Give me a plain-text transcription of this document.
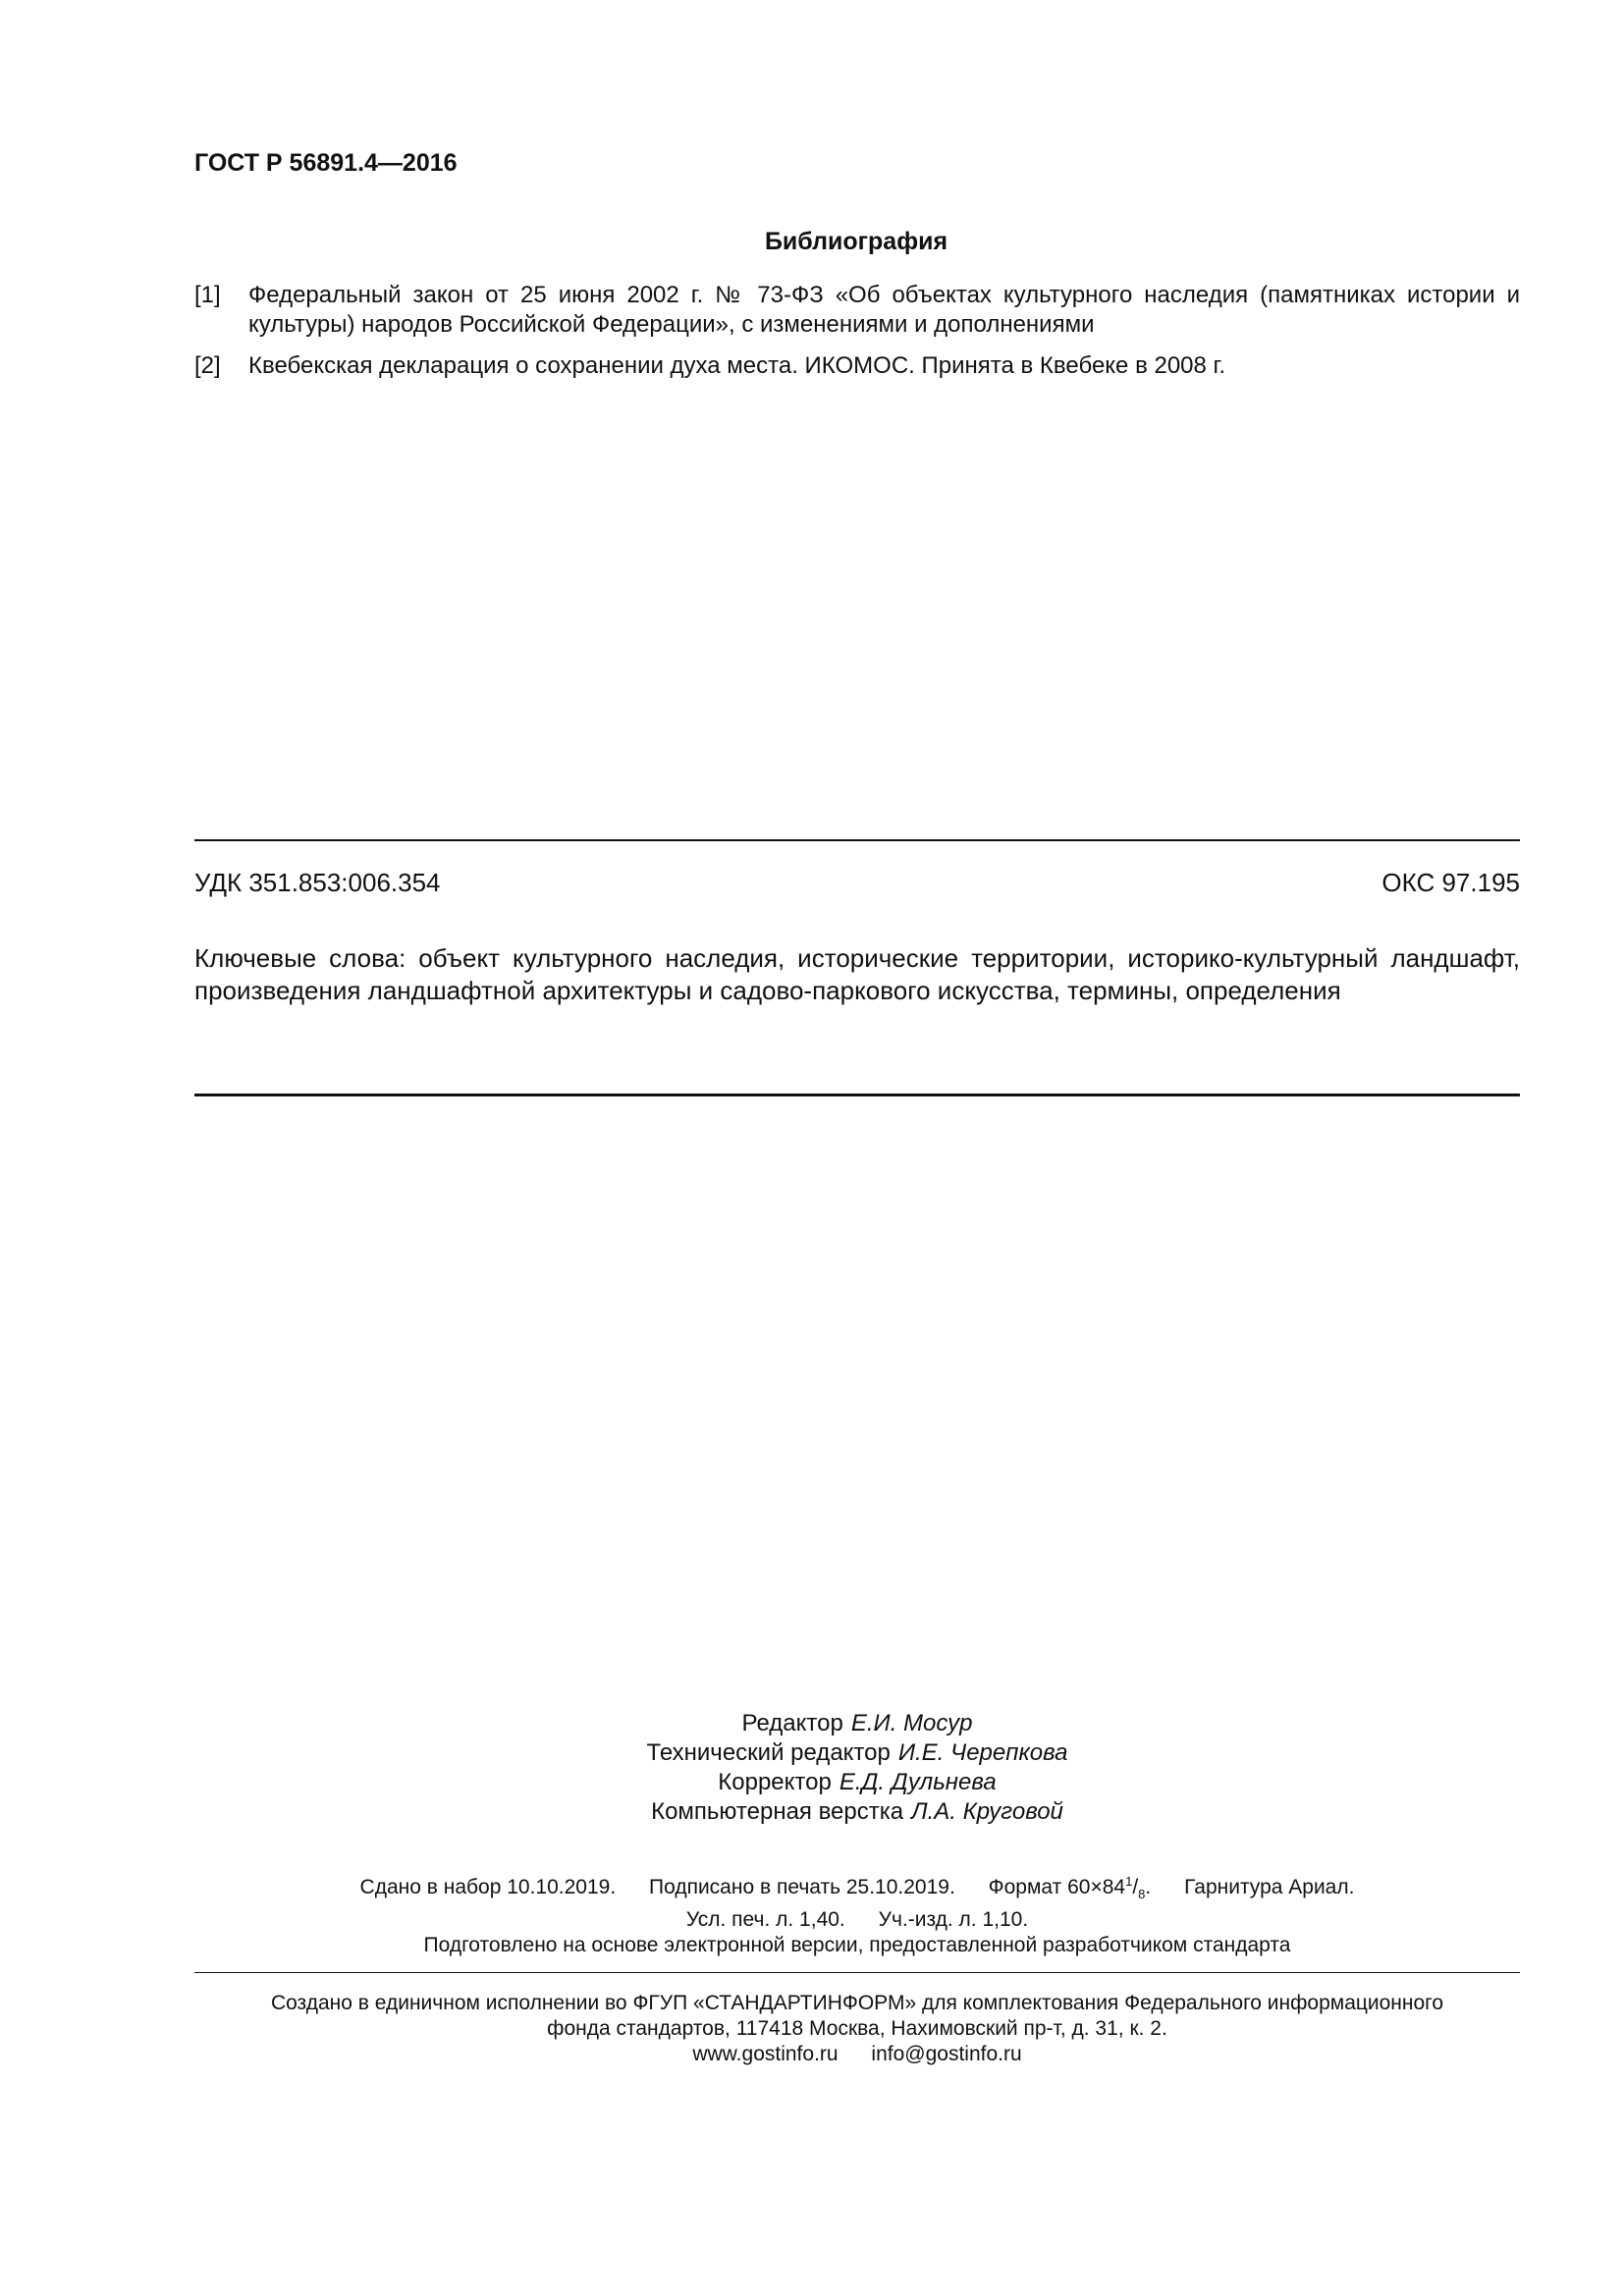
ГОСТ Р 56891.4—2016
Библиография
[1] Федеральный закон от 25 июня 2002 г. № 73-ФЗ «Об объектах культурного наследия (памятниках истории и культуры) народов Российской Федерации», с изменениями и дополнениями
[2] Квебекская декларация о сохранении духа места. ИКОМОС. Принята в Квебеке в 2008 г.
УДК 351.853:006.354	ОКС 97.195
Ключевые слова: объект культурного наследия, исторические территории, историко-культурный ландшафт, произведения ландшафтной архитектуры и садово-паркового искусства, термины, определения
Редактор Е.И. Мосур
Технический редактор И.Е. Черепкова
Корректор Е.Д. Дульнева
Компьютерная верстка Л.А. Круговой
Сдано в набор 10.10.2019. Подписано в печать 25.10.2019. Формат $60\times 84^1/_8$. Гарнитура Ариал.
Усл. печ. л. 1,40. Уч.-изд. л. 1,10.
Подготовлено на основе электронной версии, предоставленной разработчиком стандарта
Создано в единичном исполнении во ФГУП «СТАНДАРТИНФОРМ» для комплектования Федерального информационного
фонда стандартов, 117418 Москва, Нахимовский пр-т, д. 31, к. 2.
www.gostinfo.ru info@gostinfo.ru
